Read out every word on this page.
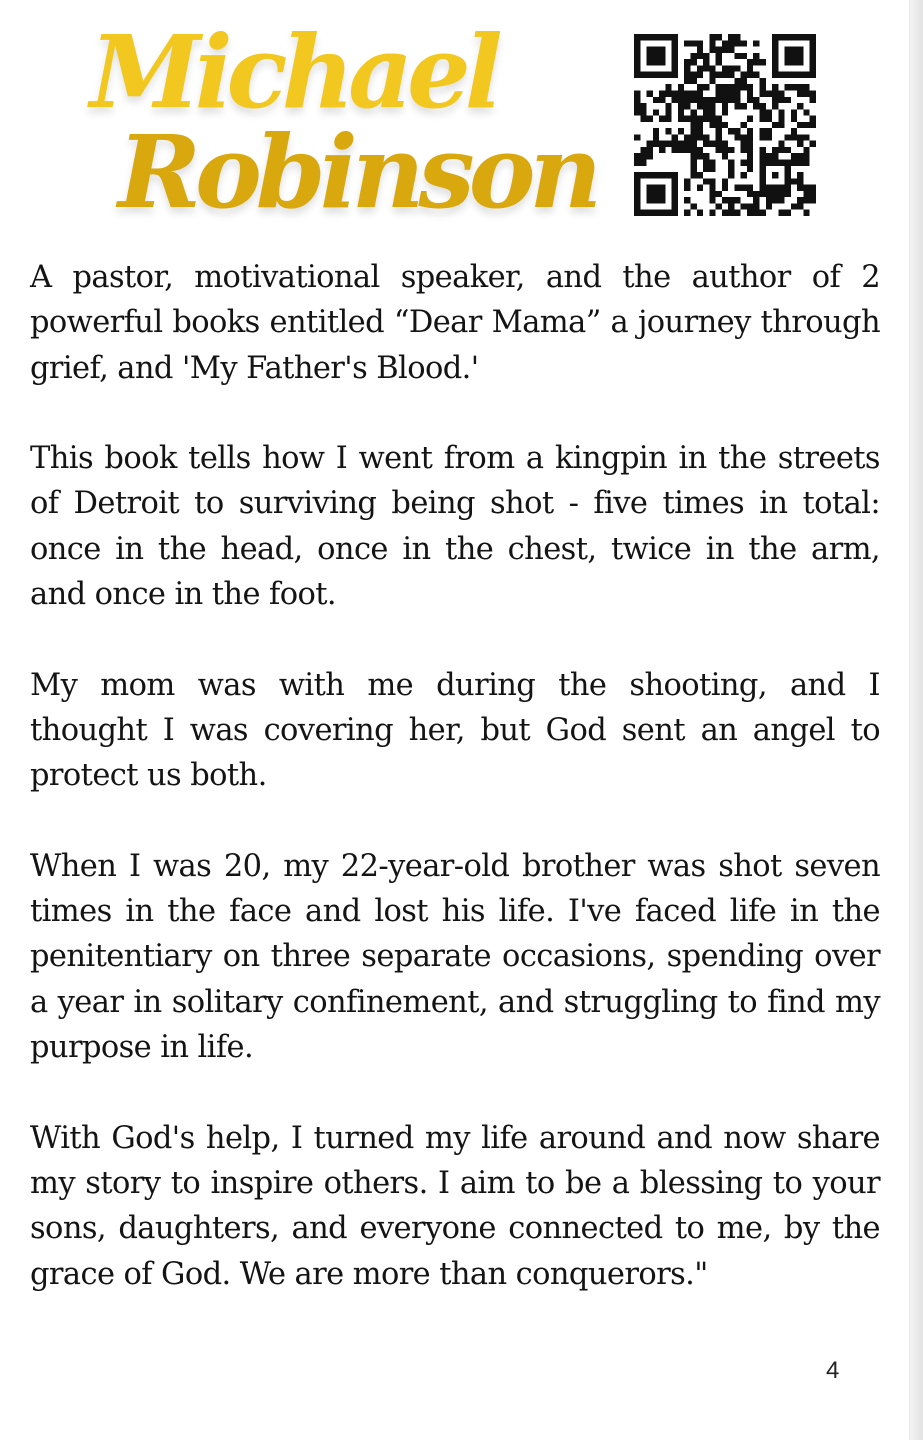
Michael
Robinson

A pastor, motivational speaker, and the author of 2 powerful books entitled “Dear Mama” a journey through grief, and 'My Father's Blood.'

This book tells how I went from a kingpin in the streets of Detroit to surviving being shot - five times in total: once in the head, once in the chest, twice in the arm, and once in the foot.

My mom was with me during the shooting, and I thought I was covering her, but God sent an angel to protect us both.

When I was 20, my 22-year-old brother was shot seven times in the face and lost his life. I've faced life in the penitentiary on three separate occasions, spending over a year in solitary confinement, and struggling to find my purpose in life.

With God's help, I turned my life around and now share my story to inspire others. I aim to be a blessing to your sons, daughters, and everyone connected to me, by the grace of God. We are more than conquerors."

4
